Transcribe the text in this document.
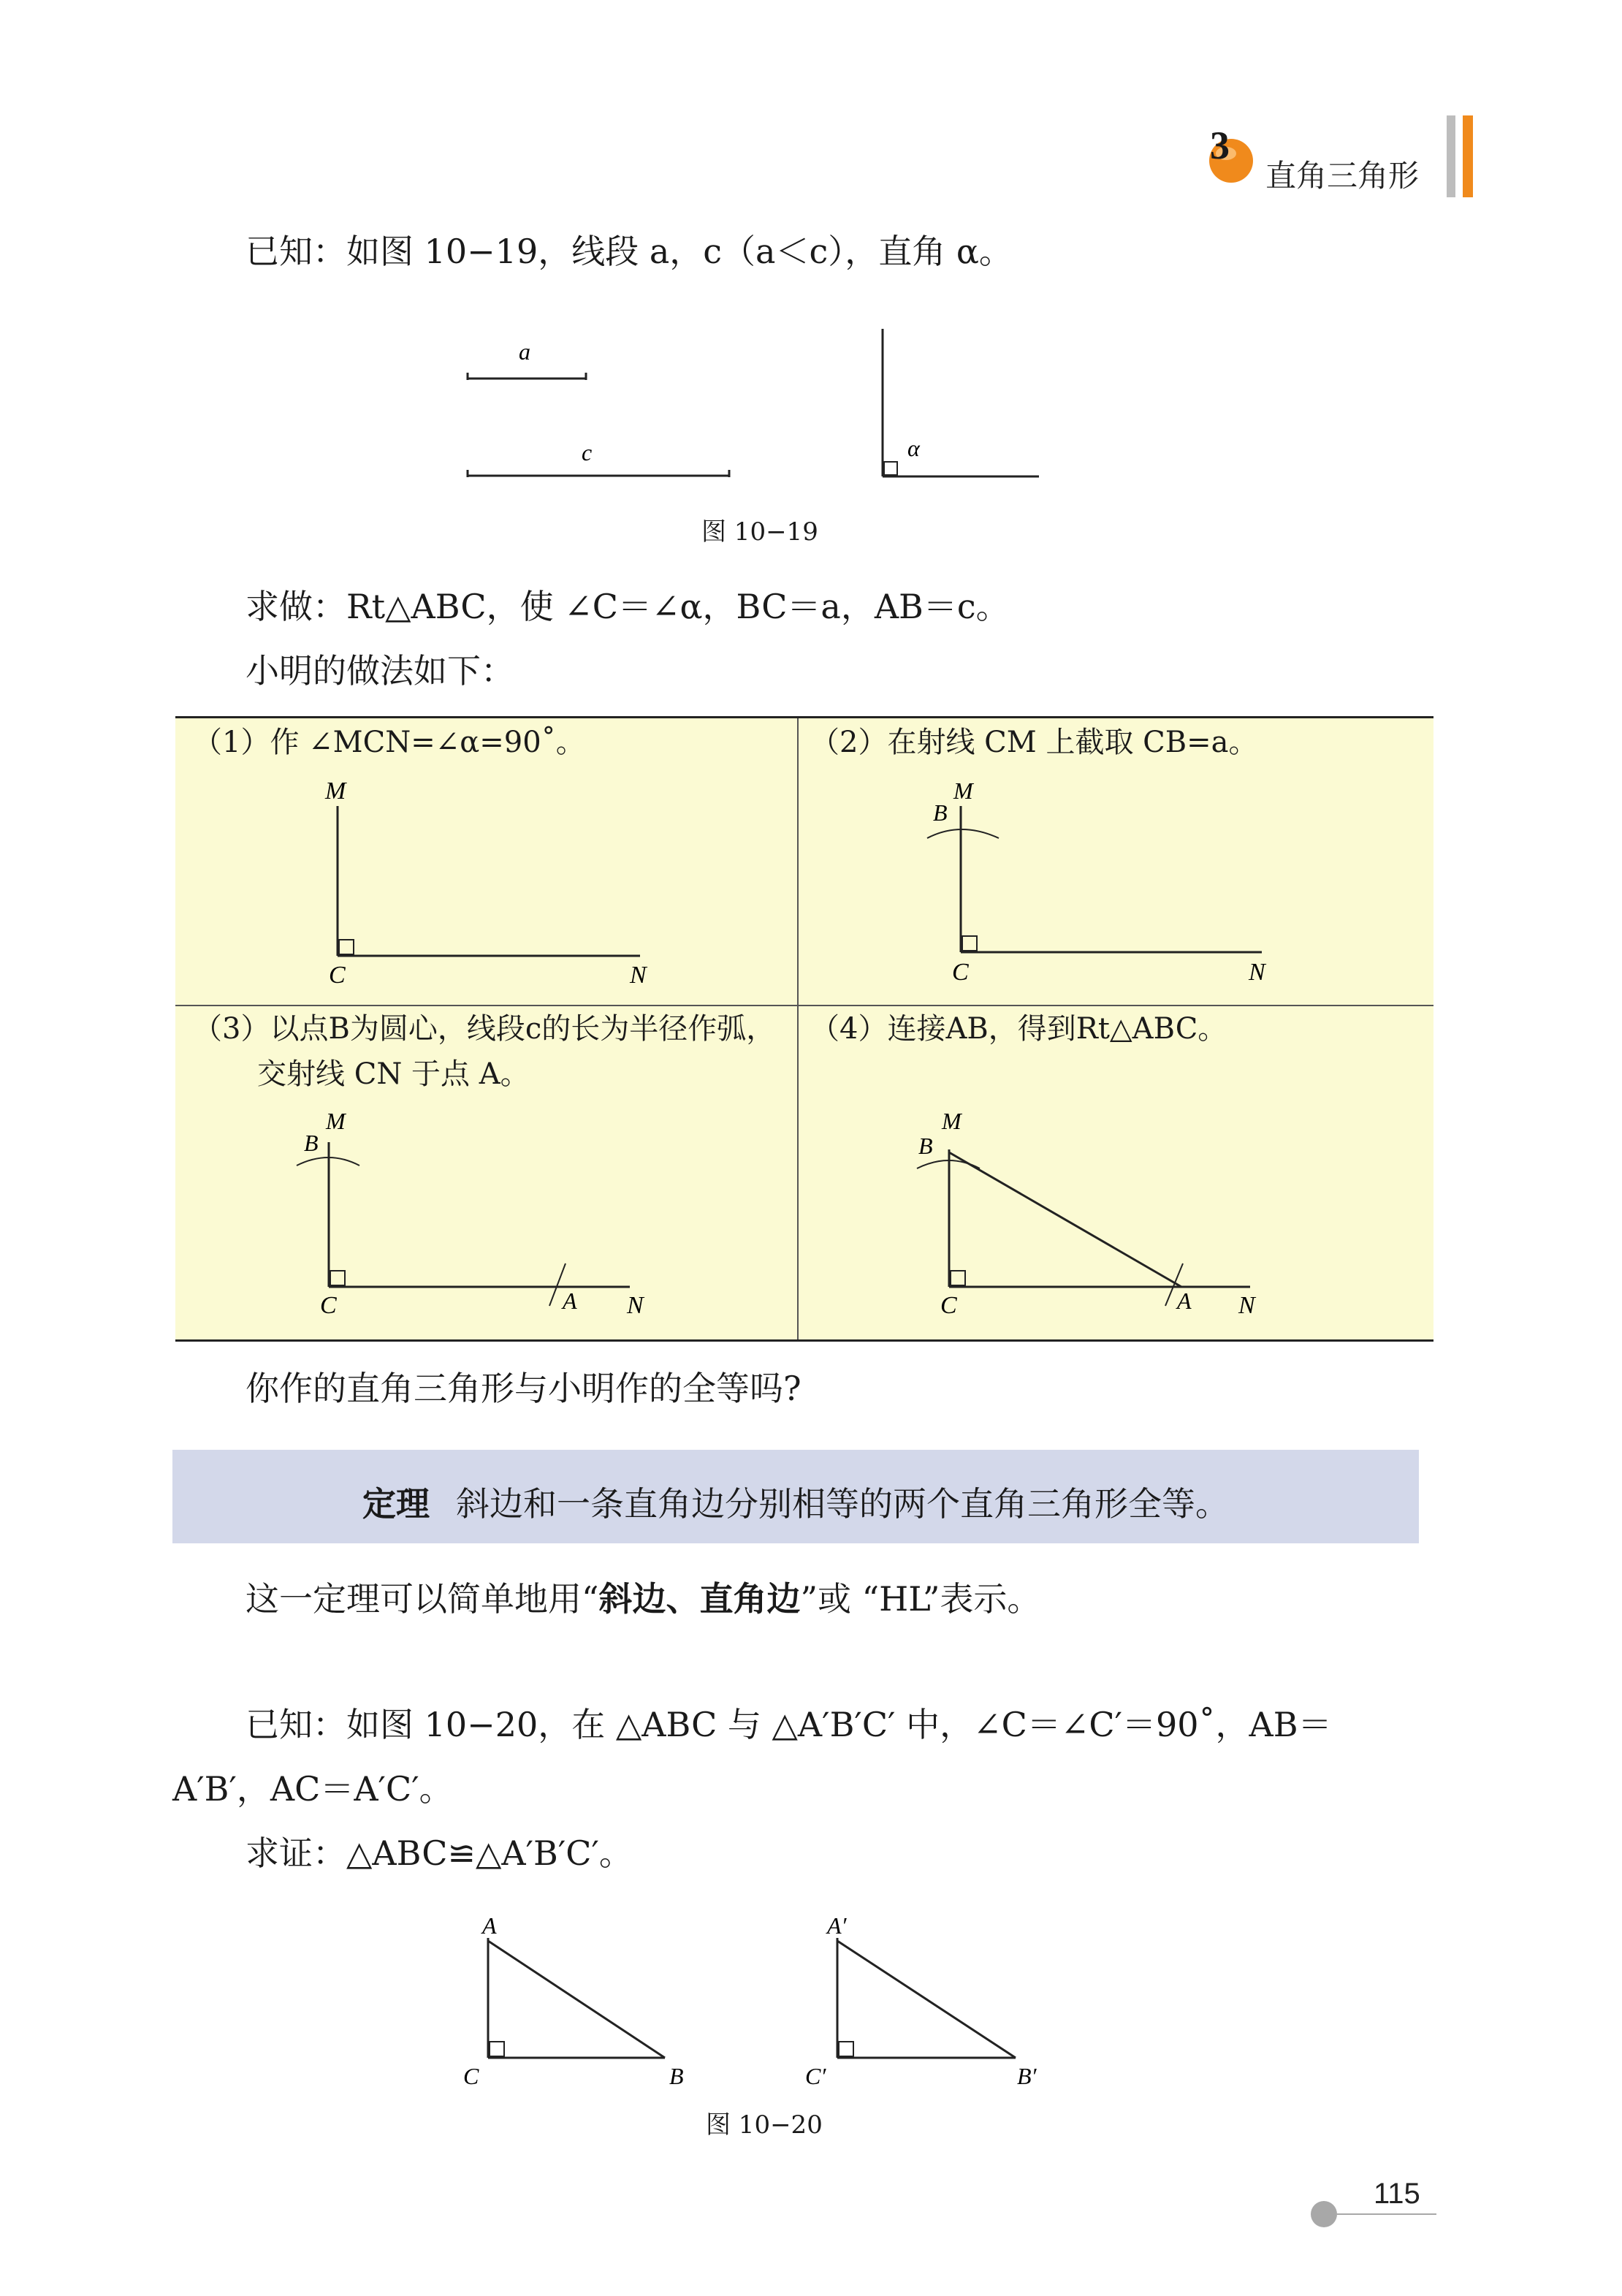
3
直角三角形
已知：如图 10−19，线段 a，c（a＜c），直角 α。
a
c	α
图 10−19
求做：Rt△ABC，使 ∠C＝∠α，BC＝a，AB＝c。
小明的做法如下：
（1）作 ∠MCN=∠α=90˚。
M
C	N
（2）在射线 CM 上截取 CB=a。
M
B
C	N
（3）以点B为圆心，线段c的长为半径作弧，
交射线 CN 于点 A。
M
B
C	A N
（4）连接AB，得到Rt△ABC。
M
B
C	A N
你作的直角三角形与小明作的全等吗?
定理 斜边和一条直角边分别相等的两个直角三角形全等。
这一定理可以简单地用“斜边、直角边”或 “HL”表示。
已知：如图 10−20，在 △ABC 与 △A′B′C′ 中，∠C＝∠C′＝90˚，AB＝
A′B′，AC＝A′C′。
求证：△ABC≌△A′B′C′。
A
C	B
A′
C′	B′
图 10−20
115
